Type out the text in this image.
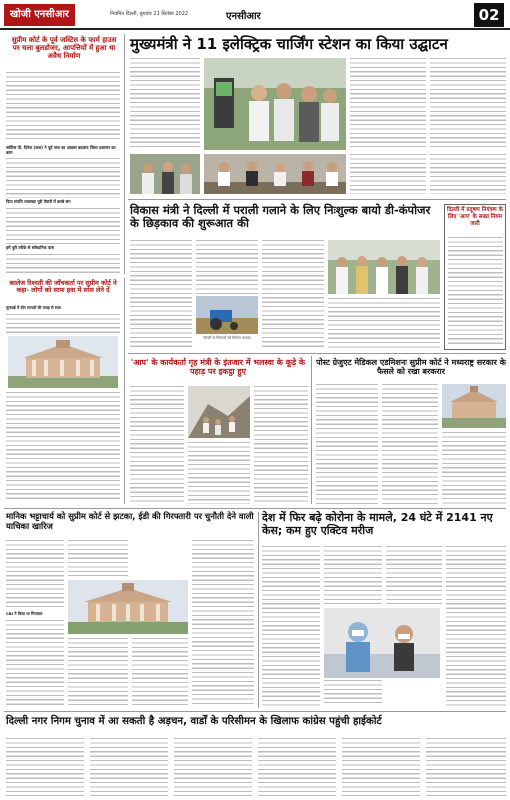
खोजी एनसीआर	नियमित दिल्ली, बुधवार 21 सितंबर 2022	एनसीआर	02
सुप्रीम कोर्ट के पूर्व जस्टिस के फार्म हाउस पर चला बुलडोजर, आपत्तियों में हुआ था अवैध निर्माण
जस्टिस पी. दिनेश (जज) ने पूर्व जज का आवास बदलाव जिला प्रशासन का काम
पिता संपत्ति व्यवस्थाः पूरी तैयारी में कस्बे संग
हमें पूरी तरीके से संवैधानिक पास
मुख्यमंत्री ने 11 इलेक्ट्रिक चार्जिंग स्टेशन का किया उद्घाटन
कालेज रिश्वती की जाँचकर्ता पर सुप्रीम कोर्ट ने कहा- लोगों को साफ हवा में सांस लेने दें
सुनवाई में ग्रीन मामलों की वजह से स्पष्ट
विकास मंत्री ने दिल्ली में पराली गलाने के लिए निःशुल्क बायो डी-कंपोजर के छिड़काव की शुरूआत की
दिल्ली के किसानों को मिलेगा फायदा
दिल्ली में प्रदूषण नियंत्रण के लिए 'आप' के सख्त नियम जारी
'आप' के कार्यकर्ता गृह मंत्री के इंतजार में भलस्वा के कूड़े के पहाड़ पर इकट्ठा हुए
पोस्ट ग्रेजुएट मेडिकल एडमिशनः सुप्रीम कोर्ट ने मध्यराष्ट्र सरकार के फैसले को रखा बरकरार
मानिक भट्टाचार्य को सुप्रीम कोर्ट से झटका, ईडी की गिरफ्तारी पर चुनौती देने वाली याचिका खारिज
CBI ने किया था गिरफ्तार
देश में फिर बढ़े कोरोना के मामले, 24 घंटे में 2141 नए केस; कम हुए एक्टिव मरीज
दिल्ली नगर निगम चुनाव में आ सकती है अड़चन, वार्डों के परिसीमन के खिलाफ कांग्रेस पहुंची हाईकोर्ट
